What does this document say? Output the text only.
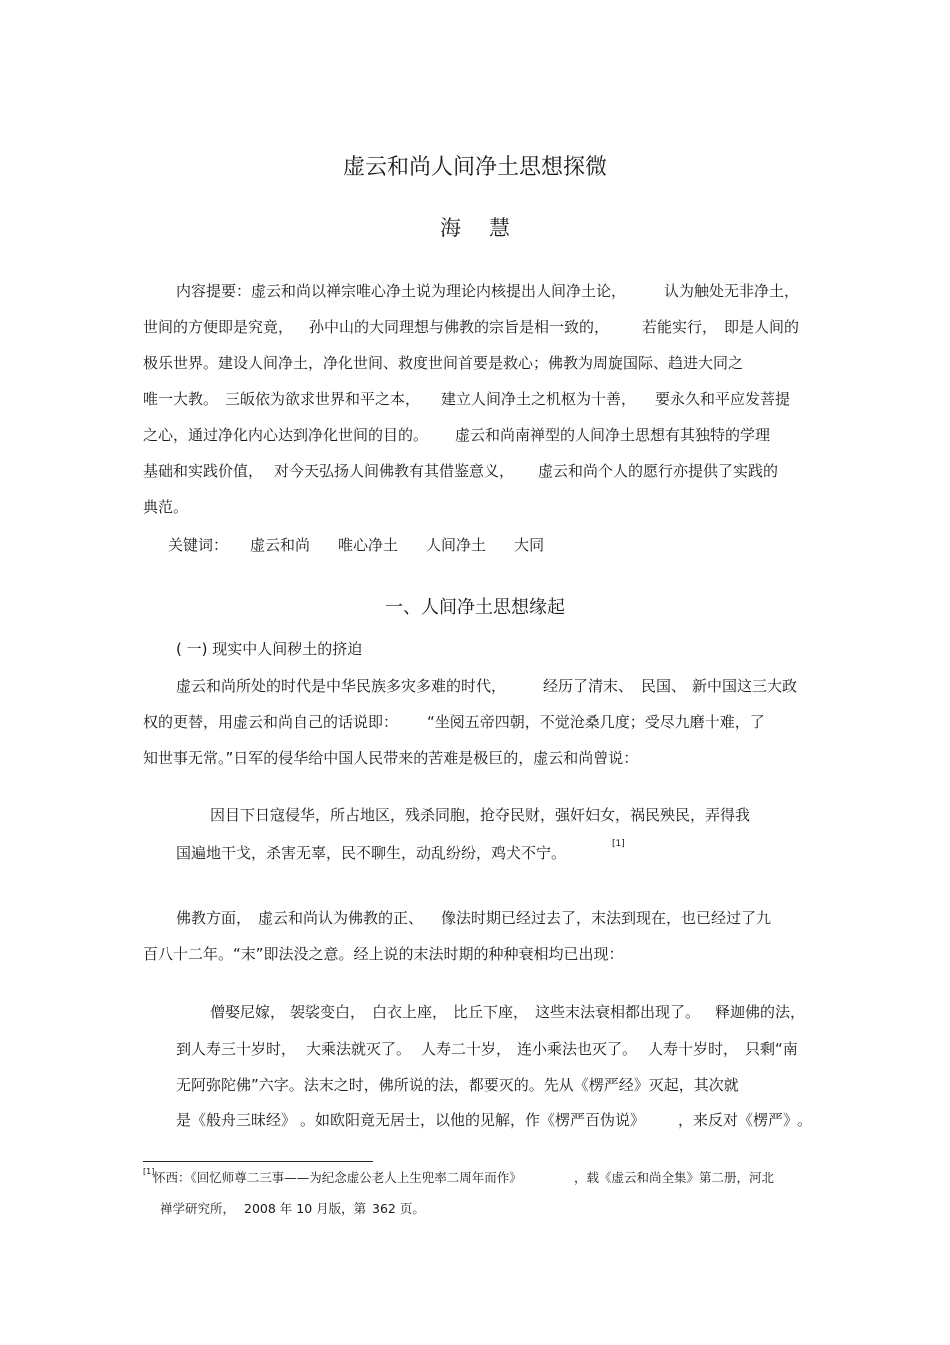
虚云和尚人间净土思想探微
海慧
内容提要：虚云和尚以禅宗唯心净土说为理论内核提出人间净土论，	认为触处无非净土，
世间的方便即是究竟， 孙中山的大同理想与佛教的宗旨是相一致的， 若能实行， 即是人间的
极乐世界。建设人间净土，净化世间、救度世间首要是救心；佛教为周旋国际、趋进大同之
唯一大教。 三皈依为欲求世界和平之本， 建立人间净土之机枢为十善， 要永久和平应发菩提
之心，通过净化内心达到净化世间的目的。 虚云和尚南禅型的人间净土思想有其独特的学理
基础和实践价值， 对今天弘扬人间佛教有其借鉴意义， 虚云和尚个人的愿行亦提供了实践的
典范。
关键词： 虚云和尚 唯心净土 人间净土 大同
一、人间净土思想缘起
( 一) 现实中人间秽土的挤迫
虚云和尚所处的时代是中华民族多灾多难的时代， 经历了清末、 民国、 新中国这三大政
权的更替，用虚云和尚自己的话说即： “坐阅五帝四朝，不觉沧桑几度；受尽九磨十难，了
知世事无常。”日军的侵华给中国人民带来的苦难是极巨的，虚云和尚曾说：
因目下日寇侵华，所占地区，残杀同胞，抢夺民财，强奸妇女，祸民殃民，弄得我
国遍地干戈，杀害无辜，民不聊生，动乱纷纷，鸡犬不宁。	[1]
佛教方面， 虚云和尚认为佛教的正、 像法时期已经过去了，末法到现在，也已经过了九
百八十二年。“末”即法没之意。经上说的末法时期的种种衰相均已出现：
僧娶尼嫁， 袈裟变白， 白衣上座， 比丘下座， 这些末法衰相都出现了。 释迦佛的法，
到人寿三十岁时， 大乘法就灭了。 人寿二十岁， 连小乘法也灭了。 人寿十岁时， 只剩“南
无阿弥陀佛”六字。法末之时，佛所说的法，都要灭的。先从《楞严经》灭起，其次就
是《般舟三昧经》 。如欧阳竟无居士，以他的见解，作《楞严百伪说》 ，来反对《楞严》
。
[1]
怀西：《回忆师尊二三事——为纪念虚公老人上生兜率二周年而作》	，载《虚云和尚全集》第二册，河北
禅学研究所， 2008 年 10 月版，第 362 页。
